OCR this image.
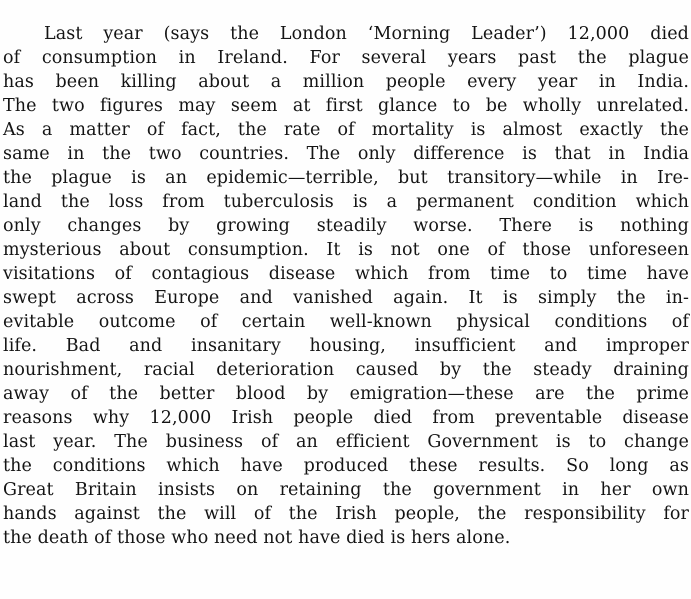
Last year (says the London ‘Morning Leader’) 12,000 died
of consumption in Ireland. For several years past the plague
has been killing about a million people every year in India.
The two figures may seem at first glance to be wholly unrelated.
As a matter of fact, the rate of mortality is almost exactly the
same in the two countries. The only difference is that in India
the plague is an epidemic—terrible, but transitory—while in Ire-
land the loss from tuberculosis is a permanent condition which
only changes by growing steadily worse. There is nothing
mysterious about consumption. It is not one of those unforeseen
visitations of contagious disease which from time to time have
swept across Europe and vanished again. It is simply the in-
evitable outcome of certain well-known physical conditions of
life. Bad and insanitary housing, insufficient and improper
nourishment, racial deterioration caused by the steady draining
away of the better blood by emigration—these are the prime
reasons why 12,000 Irish people died from preventable disease
last year. The business of an efficient Government is to change
the conditions which have produced these results. So long as
Great Britain insists on retaining the government in her own
hands against the will of the Irish people, the responsibility for
the death of those who need not have died is hers alone.
